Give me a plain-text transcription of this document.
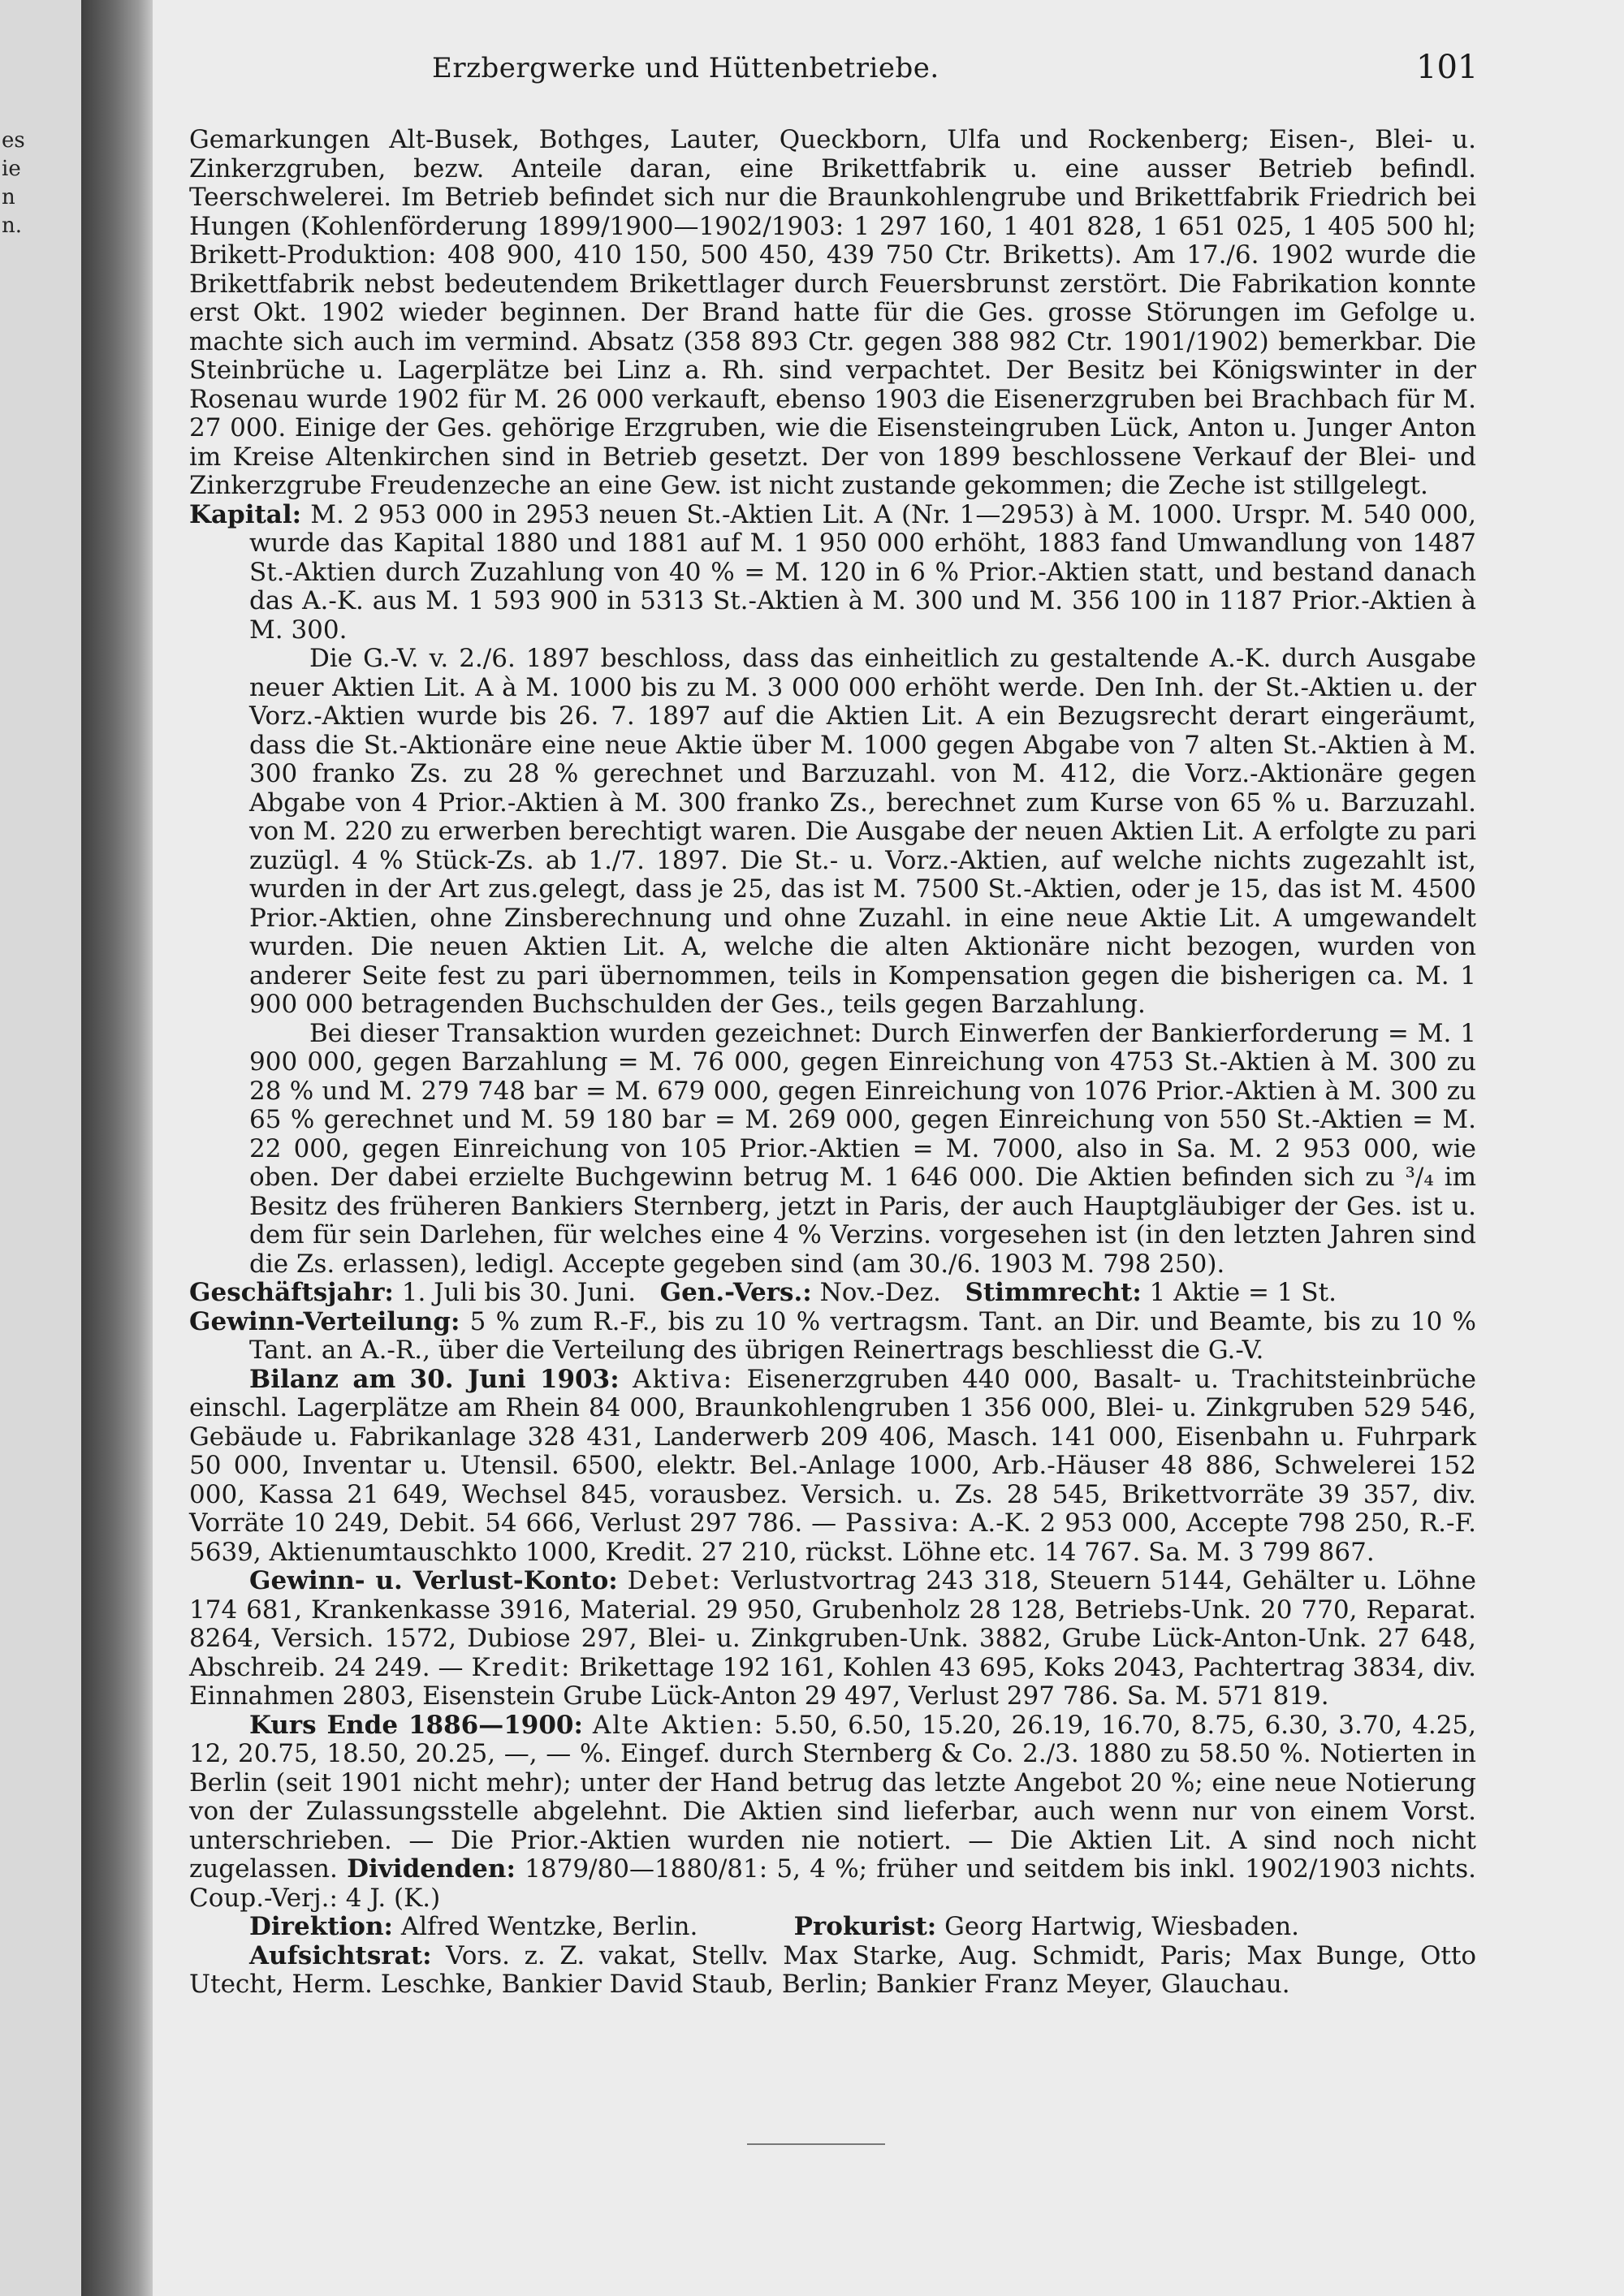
es
ie
n
n.
Erzbergwerke und Hüttenbetriebe.	101

Gemarkungen Alt-Busek, Bothges, Lauter, Queckborn, Ulfa und Rockenberg; Eisen-, Blei- u. Zinkerzgruben, bezw. Anteile daran, eine Brikettfabrik u. eine ausser Betrieb befindl. Teerschwelerei. Im Betrieb befindet sich nur die Braunkohlengrube und Brikettfabrik Friedrich bei Hungen (Kohlenförderung 1899/1900—1902/1903: 1 297 160, 1 401 828, 1 651 025, 1 405 500 hl; Brikett-Produktion: 408 900, 410 150, 500 450, 439 750 Ctr. Briketts). Am 17./6. 1902 wurde die Brikettfabrik nebst bedeutendem Brikettlager durch Feuersbrunst zerstört. Die Fabrikation konnte erst Okt. 1902 wieder beginnen. Der Brand hatte für die Ges. grosse Störungen im Gefolge u. machte sich auch im vermind. Absatz (358 893 Ctr. gegen 388 982 Ctr. 1901/1902) bemerkbar. Die Steinbrüche u. Lagerplätze bei Linz a. Rh. sind verpachtet. Der Besitz bei Königswinter in der Rosenau wurde 1902 für M. 26 000 verkauft, ebenso 1903 die Eisenerzgruben bei Brachbach für M. 27 000. Einige der Ges. gehörige Erzgruben, wie die Eisensteingruben Lück, Anton u. Junger Anton im Kreise Altenkirchen sind in Betrieb gesetzt. Der von 1899 beschlossene Verkauf der Blei- und Zinkerzgrube Freudenzeche an eine Gew. ist nicht zustande gekommen; die Zeche ist stillgelegt.

Kapital: M. 2 953 000 in 2953 neuen St.-Aktien Lit. A (Nr. 1—2953) à M. 1000. Urspr. M. 540 000, wurde das Kapital 1880 und 1881 auf M. 1 950 000 erhöht, 1883 fand Umwandlung von 1487 St.-Aktien durch Zuzahlung von 40 % = M. 120 in 6 % Prior.-Aktien statt, und bestand danach das A.-K. aus M. 1 593 900 in 5313 St.-Aktien à M. 300 und M. 356 100 in 1187 Prior.-Aktien à M. 300.

Die G.-V. v. 2./6. 1897 beschloss, dass das einheitlich zu gestaltende A.-K. durch Ausgabe neuer Aktien Lit. A à M. 1000 bis zu M. 3 000 000 erhöht werde. Den Inh. der St.-Aktien u. der Vorz.-Aktien wurde bis 26. 7. 1897 auf die Aktien Lit. A ein Bezugsrecht derart eingeräumt, dass die St.-Aktionäre eine neue Aktie über M. 1000 gegen Abgabe von 7 alten St.-Aktien à M. 300 franko Zs. zu 28 % gerechnet und Barzuzahl. von M. 412, die Vorz.-Aktionäre gegen Abgabe von 4 Prior.-Aktien à M. 300 franko Zs., berechnet zum Kurse von 65 % u. Barzuzahl. von M. 220 zu erwerben berechtigt waren. Die Ausgabe der neuen Aktien Lit. A erfolgte zu pari zuzügl. 4 % Stück-Zs. ab 1./7. 1897. Die St.- u. Vorz.-Aktien, auf welche nichts zugezahlt ist, wurden in der Art zus.gelegt, dass je 25, das ist M. 7500 St.-Aktien, oder je 15, das ist M. 4500 Prior.-Aktien, ohne Zinsberechnung und ohne Zuzahl. in eine neue Aktie Lit. A umgewandelt wurden. Die neuen Aktien Lit. A, welche die alten Aktionäre nicht bezogen, wurden von anderer Seite fest zu pari übernommen, teils in Kompensation gegen die bisherigen ca. M. 1 900 000 betragenden Buchschulden der Ges., teils gegen Barzahlung.

Bei dieser Transaktion wurden gezeichnet: Durch Einwerfen der Bankierforderung = M. 1 900 000, gegen Barzahlung = M. 76 000, gegen Einreichung von 4753 St.-Aktien à M. 300 zu 28 % und M. 279 748 bar = M. 679 000, gegen Einreichung von 1076 Prior.-Aktien à M. 300 zu 65 % gerechnet und M. 59 180 bar = M. 269 000, gegen Einreichung von 550 St.-Aktien = M. 22 000, gegen Einreichung von 105 Prior.-Aktien = M. 7000, also in Sa. M. 2 953 000, wie oben. Der dabei erzielte Buchgewinn betrug M. 1 646 000. Die Aktien befinden sich zu ³/₄ im Besitz des früheren Bankiers Sternberg, jetzt in Paris, der auch Hauptgläubiger der Ges. ist u. dem für sein Darlehen, für welches eine 4 % Verzins. vorgesehen ist (in den letzten Jahren sind die Zs. erlassen), ledigl. Accepte gegeben sind (am 30./6. 1903 M. 798 250).

Geschäftsjahr: 1. Juli bis 30. Juni. Gen.-Vers.: Nov.-Dez. Stimmrecht: 1 Aktie = 1 St.

Gewinn-Verteilung: 5 % zum R.-F., bis zu 10 % vertragsm. Tant. an Dir. und Beamte, bis zu 10 % Tant. an A.-R., über die Verteilung des übrigen Reinertrags beschliesst die G.-V.

Bilanz am 30. Juni 1903: Aktiva: Eisenerzgruben 440 000, Basalt- u. Trachitsteinbrüche einschl. Lagerplätze am Rhein 84 000, Braunkohlengruben 1 356 000, Blei- u. Zinkgruben 529 546, Gebäude u. Fabrikanlage 328 431, Landerwerb 209 406, Masch. 141 000, Eisenbahn u. Fuhrpark 50 000, Inventar u. Utensil. 6500, elektr. Bel.-Anlage 1000, Arb.-Häuser 48 886, Schwelerei 152 000, Kassa 21 649, Wechsel 845, vorausbez. Versich. u. Zs. 28 545, Brikettvorräte 39 357, div. Vorräte 10 249, Debit. 54 666, Verlust 297 786. — Passiva: A.-K. 2 953 000, Accepte 798 250, R.-F. 5639, Aktienumtauschkto 1000, Kredit. 27 210, rückst. Löhne etc. 14 767. Sa. M. 3 799 867.

Gewinn- u. Verlust-Konto: Debet: Verlustvortrag 243 318, Steuern 5144, Gehälter u. Löhne 174 681, Krankenkasse 3916, Material. 29 950, Grubenholz 28 128, Betriebs-Unk. 20 770, Reparat. 8264, Versich. 1572, Dubiose 297, Blei- u. Zinkgruben-Unk. 3882, Grube Lück-Anton-Unk. 27 648, Abschreib. 24 249. — Kredit: Brikettage 192 161, Kohlen 43 695, Koks 2043, Pachtertrag 3834, div. Einnahmen 2803, Eisenstein Grube Lück-Anton 29 497, Verlust 297 786. Sa. M. 571 819.

Kurs Ende 1886—1900: Alte Aktien: 5.50, 6.50, 15.20, 26.19, 16.70, 8.75, 6.30, 3.70, 4.25, 12, 20.75, 18.50, 20.25, —, — %. Eingef. durch Sternberg & Co. 2./3. 1880 zu 58.50 %. Notierten in Berlin (seit 1901 nicht mehr); unter der Hand betrug das letzte Angebot 20 %; eine neue Notierung von der Zulassungsstelle abgelehnt. Die Aktien sind lieferbar, auch wenn nur von einem Vorst. unterschrieben. — Die Prior.-Aktien wurden nie notiert. — Die Aktien Lit. A sind noch nicht zugelassen. Dividenden: 1879/80—1880/81: 5, 4 %; früher und seitdem bis inkl. 1902/1903 nichts. Coup.-Verj.: 4 J. (K.)

Direktion: Alfred Wentzke, Berlin.	Prokurist: Georg Hartwig, Wiesbaden.

Aufsichtsrat: Vors. z. Z. vakat, Stellv. Max Starke, Aug. Schmidt, Paris; Max Bunge, Otto Utecht, Herm. Leschke, Bankier David Staub, Berlin; Bankier Franz Meyer, Glauchau.
